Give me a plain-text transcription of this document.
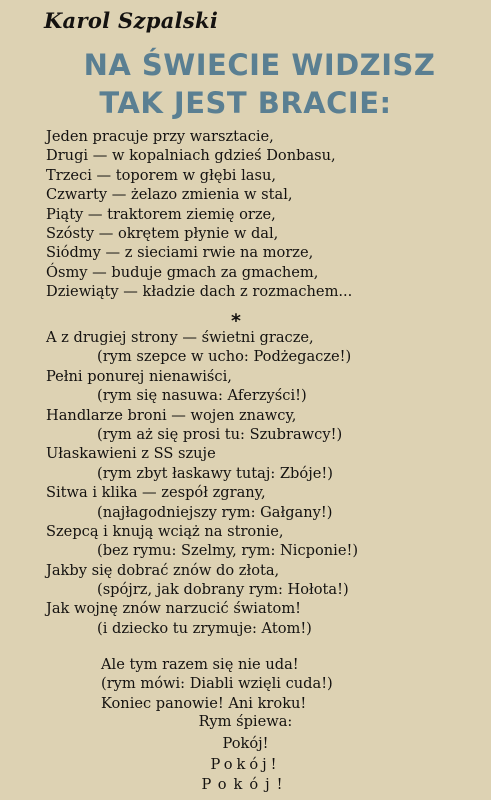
Karol Szpalski
NA ŚWIECIE WIDZISZ
TAK JEST BRACIE:
Jeden pracuje przy warsztacie,
Drugi — w kopalniach gdzieś Donbasu,
Trzeci — toporem w głębi lasu,
Czwarty — żelazo zmienia w stal,
Piąty — traktorem ziemię orze,
Szósty — okrętem płynie w dal,
Siódmy — z sieciami rwie na morze,
Ósmy — buduje gmach za gmachem,
Dziewiąty — kładzie dach z rozmachem...
*
A z drugiej strony — świetni gracze,
(rym szepce w ucho: Podżegacze!)
Pełni ponurej nienawiści,
(rym się nasuwa: Aferzyści!)
Handlarze broni — wojen znawcy,
(rym aż się prosi tu: Szubrawcy!)
Ułaskawieni z SS szuje
(rym zbyt łaskawy tutaj: Zbóje!)
Sitwa i klika — zespół zgrany,
(najłagodniejszy rym: Gałgany!)
Szepcą i knują wciąż na stronie,
(bez rymu: Szelmy, rym: Nicponie!)
Jakby się dobrać znów do złota,
(spójrz, jak dobrany rym: Hołota!)
Jak wojnę znów narzucić światom!
(i dziecko tu zrymuje: Atom!)
Ale tym razem się nie uda!
(rym mówi: Diabli wzięli cuda!)
Koniec panowie! Ani kroku!
Rym śpiewa:
Pokój!
Pokój!
Pokój!
